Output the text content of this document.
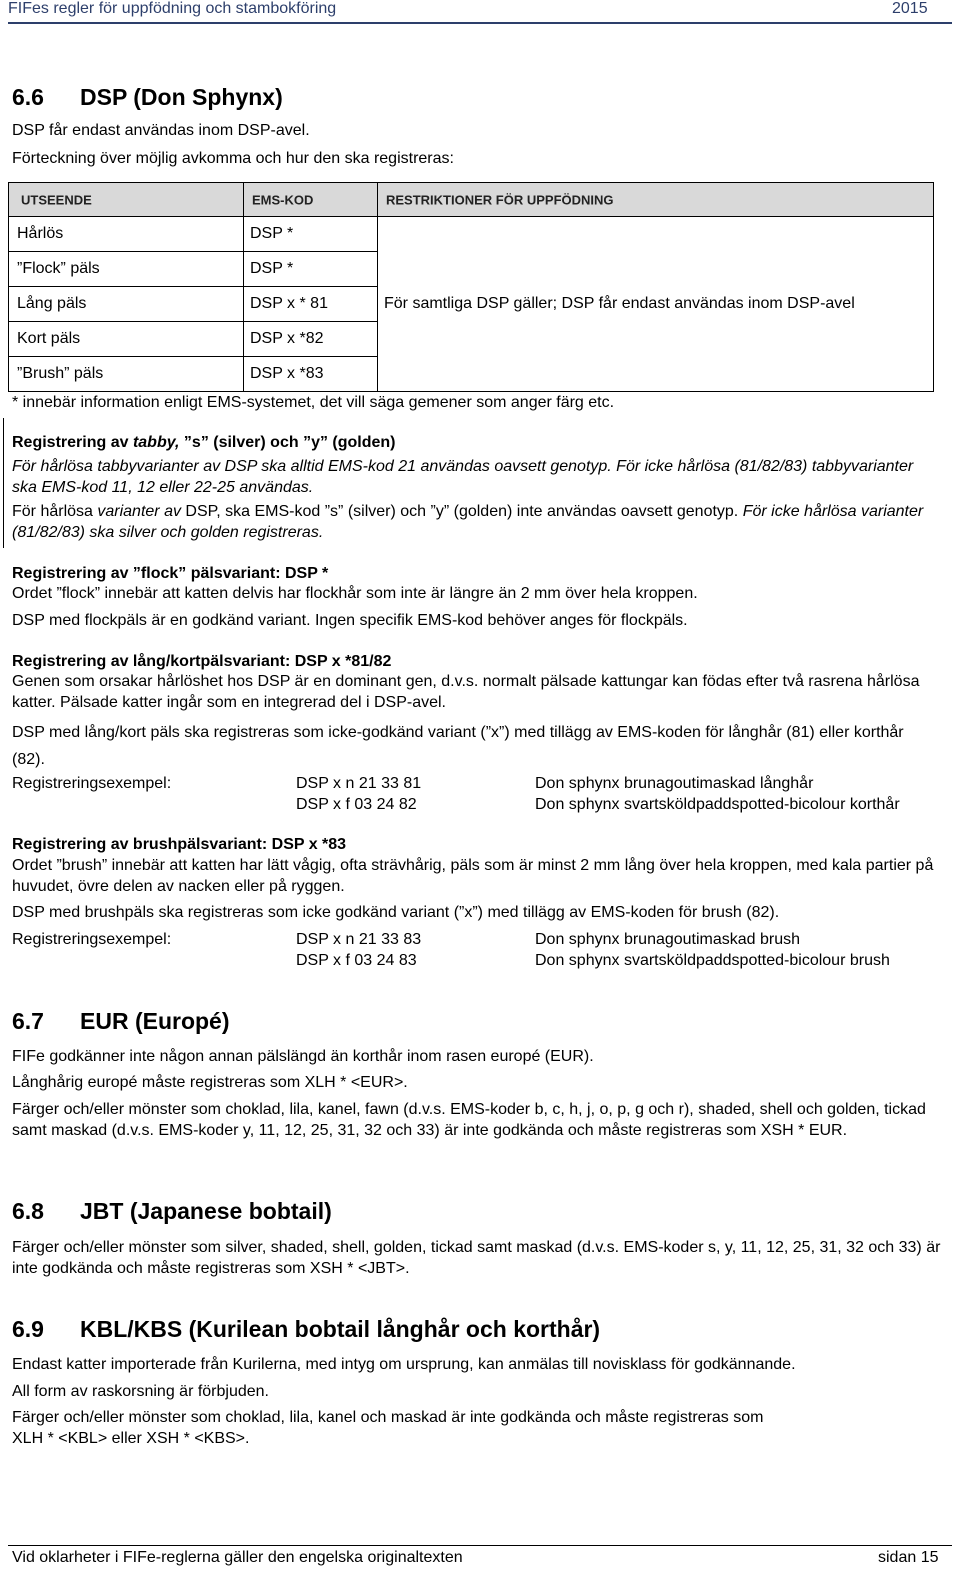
FIFes regler för uppfödning och stambokföring	2015
6.6 DSP (Don Sphynx)
DSP får endast användas inom DSP-avel.
Förteckning över möjlig avkomma och hur den ska registreras:
UTSEENDE	EMS-KOD	RESTRIKTIONER FÖR UPPFÖDNING
Hårlös	DSP *
”Flock” päls	DSP *
Lång päls	DSP x * 81
Kort päls	DSP x *82
”Brush” päls	DSP x *83
För samtliga DSP gäller; DSP får endast användas inom DSP-avel
* innebär information enligt EMS-systemet, det vill säga gemener som anger färg etc.
Registrering av tabby, ”s” (silver) och ”y” (golden)
För hårlösa tabbyvarianter av DSP ska alltid EMS-kod 21 användas oavsett genotyp. För icke hårlösa (81/82/83) tabbyvarianter ska EMS-kod 11, 12 eller 22-25 användas.
För hårlösa varianter av DSP, ska EMS-kod ”s” (silver) och ”y” (golden) inte användas oavsett genotyp. För icke hårlösa varianter (81/82/83) ska silver och golden registreras.
Registrering av ”flock” pälsvariant: DSP *
Ordet ”flock” innebär att katten delvis har flockhår som inte är längre än 2 mm över hela kroppen.
DSP med flockpäls är en godkänd variant. Ingen specifik EMS-kod behöver anges för flockpäls.
Registrering av lång/kortpälsvariant: DSP x *81/82
Genen som orsakar hårlöshet hos DSP är en dominant gen, d.v.s. normalt pälsade kattungar kan födas efter två rasrena hårlösa katter. Pälsade katter ingår som en integrerad del i DSP-avel.
DSP med lång/kort päls ska registreras som icke-godkänd variant (”x”) med tillägg av EMS-koden för långhår (81) eller korthår (82).
Registreringsexempel:	DSP x n 21 33 81	Don sphynx brunagoutimaskad långhår
DSP x f 03 24 82	Don sphynx svartsköldpaddspotted-bicolour korthår
Registrering av brushpälsvariant: DSP x *83
Ordet ”brush” innebär att katten har lätt vågig, ofta strävhårig, päls som är minst 2 mm lång över hela kroppen, med kala partier på huvudet, övre delen av nacken eller på ryggen.
DSP med brushpäls ska registreras som icke godkänd variant (”x”) med tillägg av EMS-koden för brush (82).
Registreringsexempel:	DSP x n 21 33 83	Don sphynx brunagoutimaskad brush
DSP x f 03 24 83	Don sphynx svartsköldpaddspotted-bicolour brush
6.7 EUR (Europé)
FIFe godkänner inte någon annan pälslängd än korthår inom rasen europé (EUR).
Långhårig europé måste registreras som XLH * <EUR>.
Färger och/eller mönster som choklad, lila, kanel, fawn (d.v.s. EMS-koder b, c, h, j, o, p, g och r), shaded, shell och golden, tickad samt maskad (d.v.s. EMS-koder y, 11, 12, 25, 31, 32 och 33) är inte godkända och måste registreras som XSH * EUR.
6.8 JBT (Japanese bobtail)
Färger och/eller mönster som silver, shaded, shell, golden, tickad samt maskad (d.v.s. EMS-koder s, y, 11, 12, 25, 31, 32 och 33) är inte godkända och måste registreras som XSH * <JBT>.
6.9 KBL/KBS (Kurilean bobtail långhår och korthår)
Endast katter importerade från Kurilerna, med intyg om ursprung, kan anmälas till novisklass för godkännande.
All form av raskorsning är förbjuden.
Färger och/eller mönster som choklad, lila, kanel och maskad är inte godkända och måste registreras som
XLH * <KBL> eller XSH * <KBS>.
Vid oklarheter i FIFe-reglerna gäller den engelska originaltexten	sidan 15
